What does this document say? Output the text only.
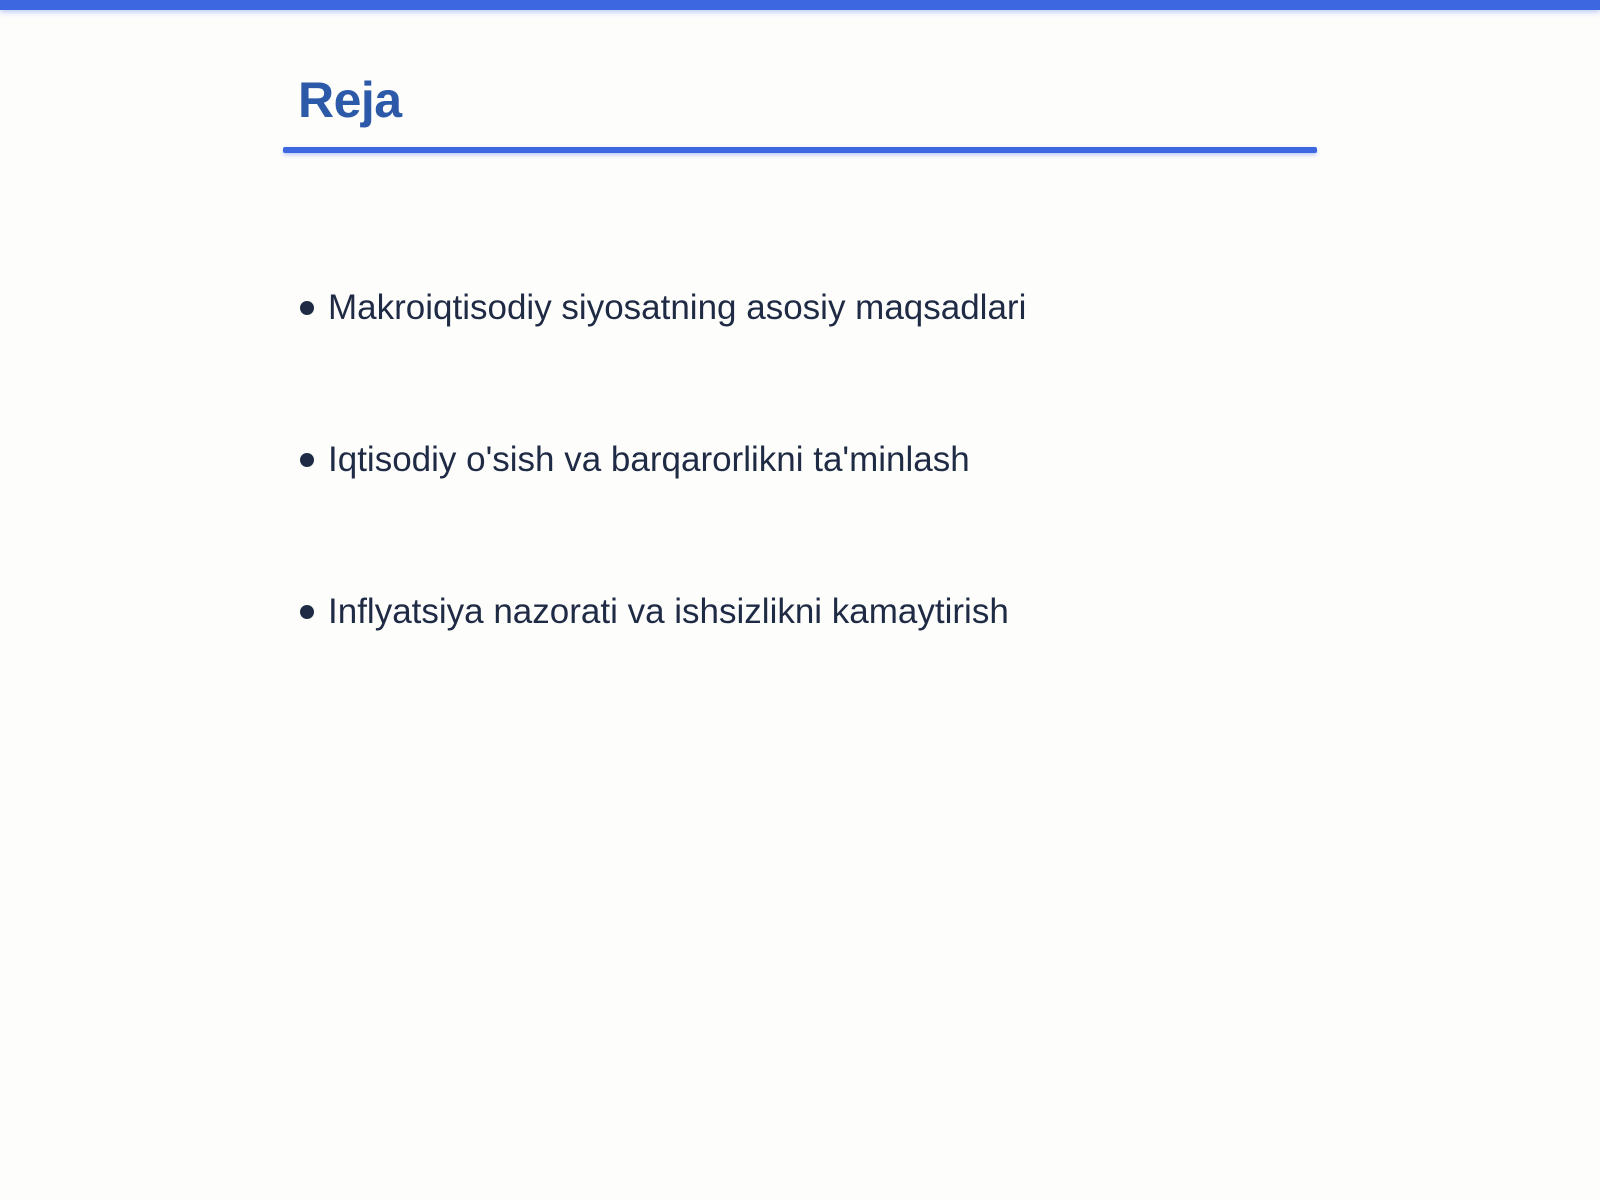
Reja
Makroiqtisodiy siyosatning asosiy maqsadlari
Iqtisodiy o'sish va barqarorlikni ta'minlash
Inflyatsiya nazorati va ishsizlikni kamaytirish
